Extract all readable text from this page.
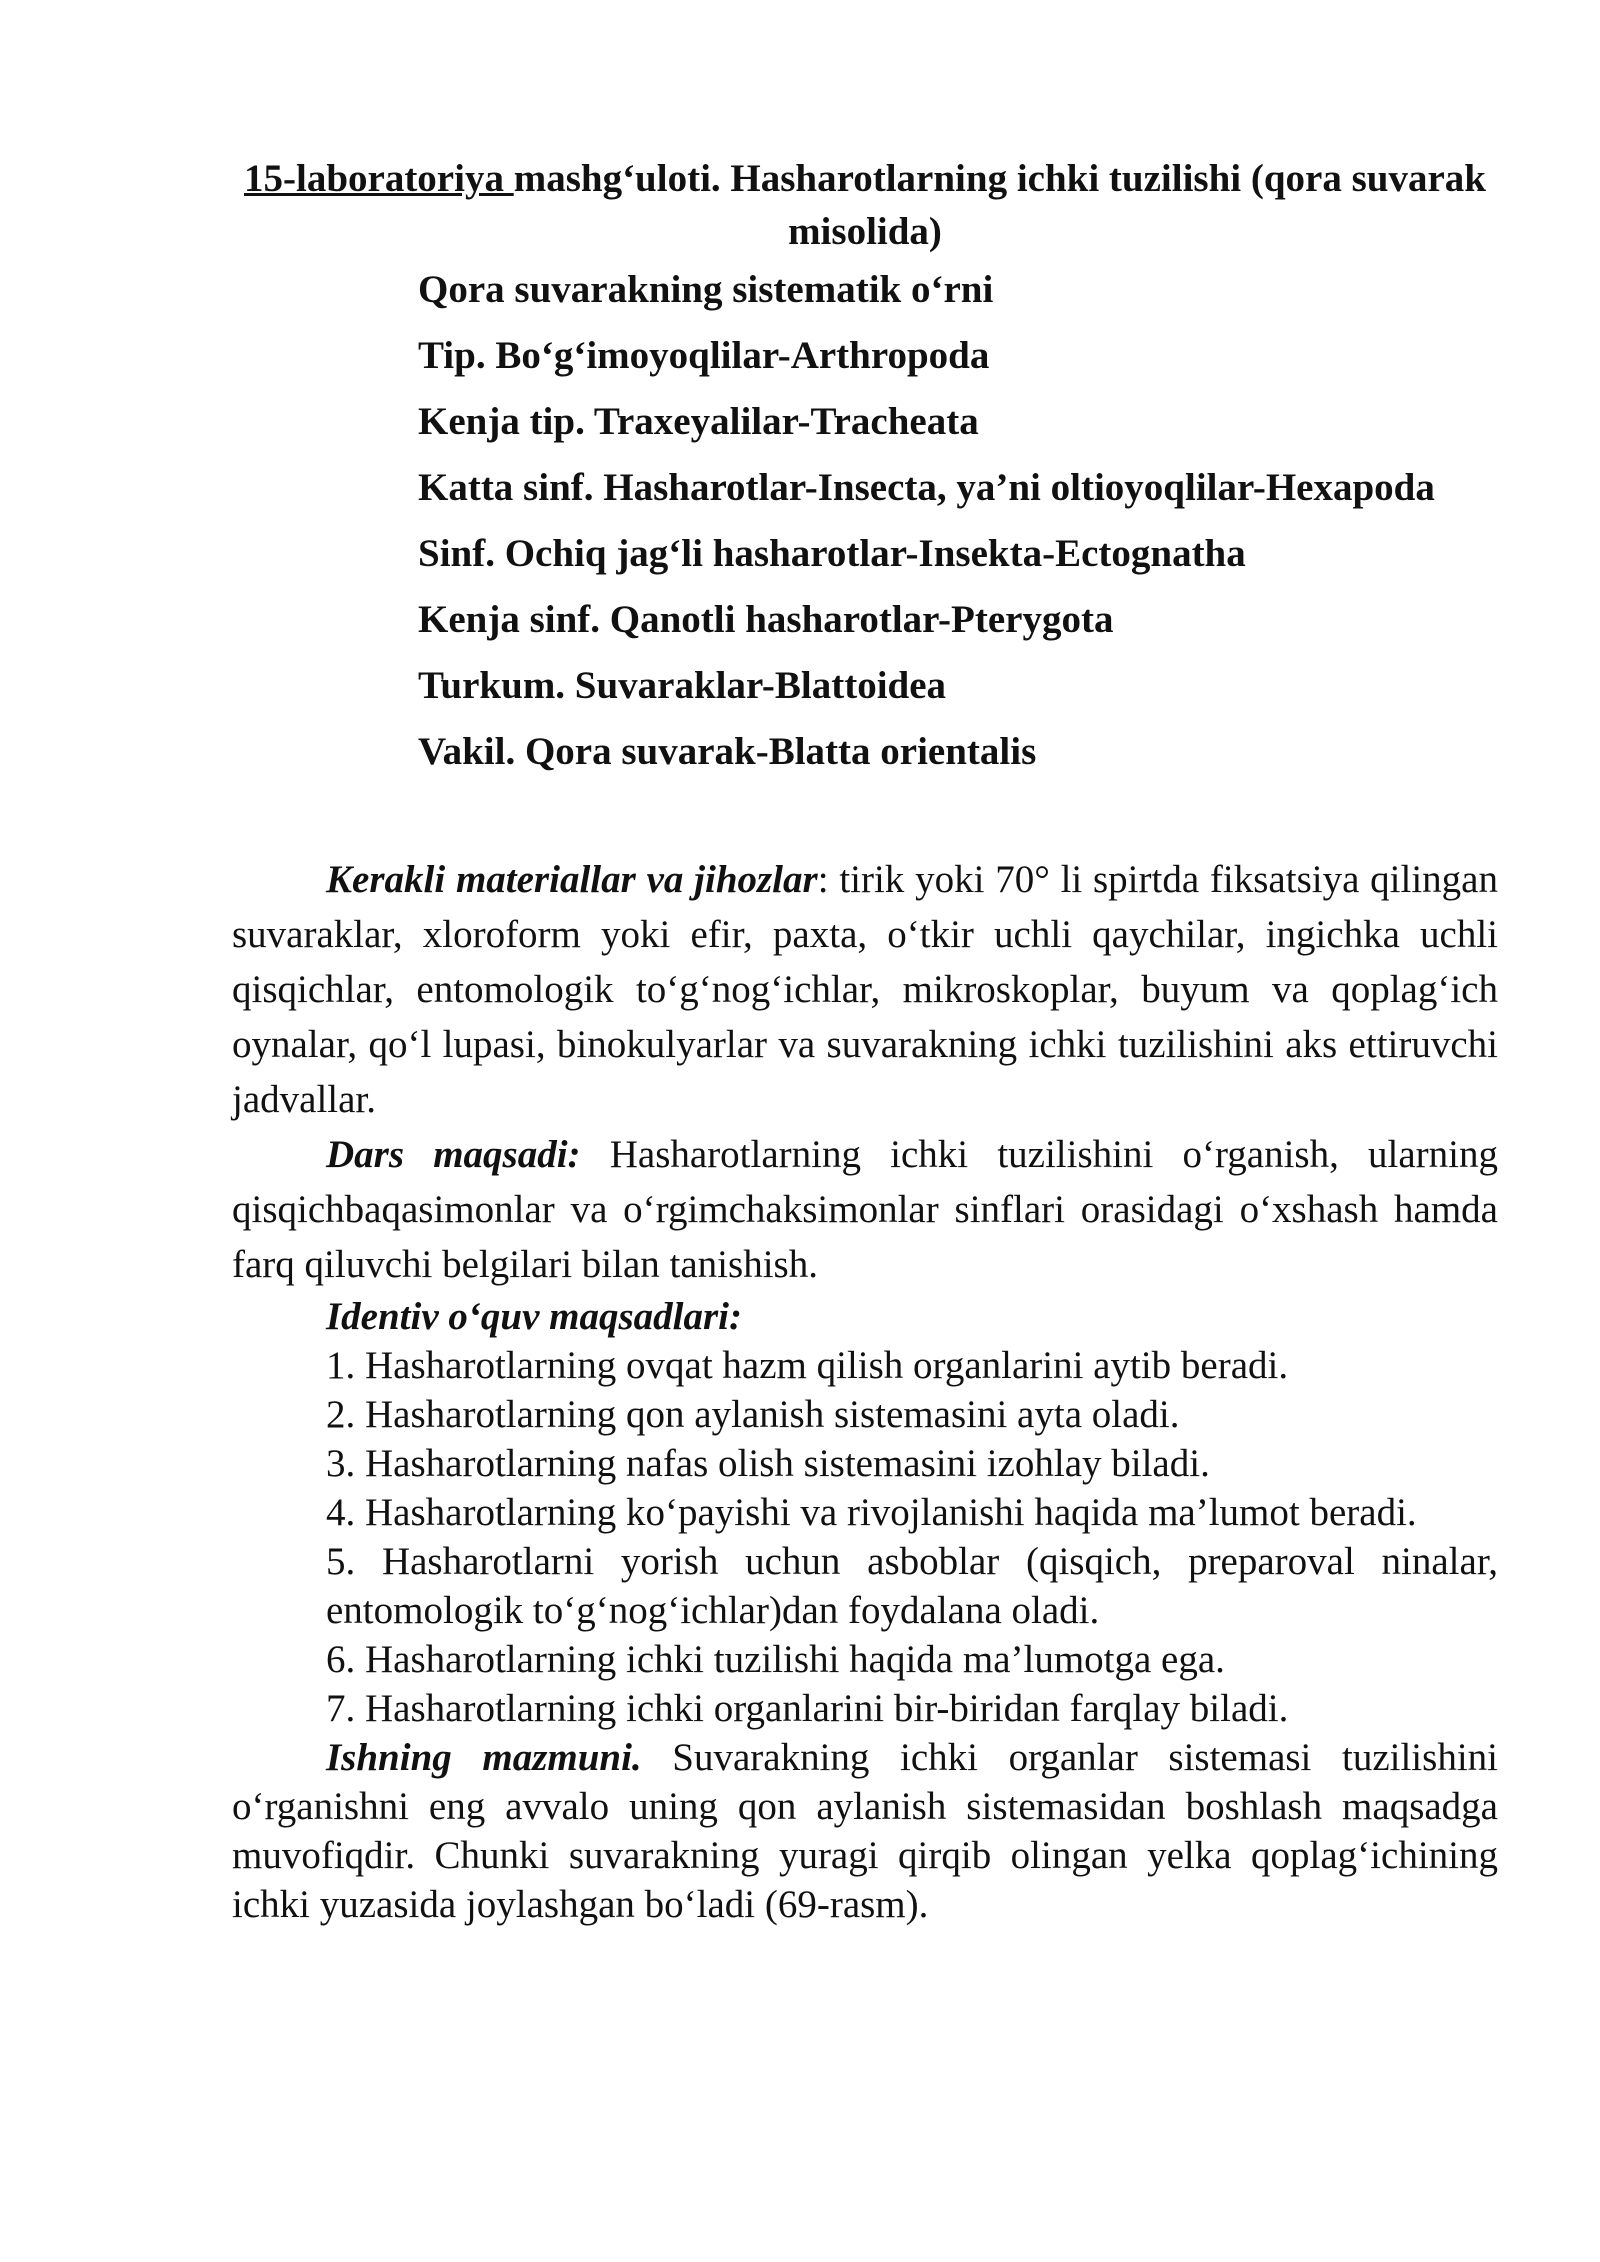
15-laboratoriya mashg‘uloti. Hasharotlarning ichki tuzilishi (qora suvarak misolida)
Qora suvarakning sistematik o‘rni
Tip. Bo‘g‘imoyoqlilar-Arthropoda
Kenja tip. Traxeyalilar-Tracheata
Katta sinf. Hasharotlar-Insecta, ya’ni oltioyoqlilar-Hexapoda
Sinf. Ochiq jag‘li hasharotlar-Insekta-Ectognatha
Kenja sinf. Qanotli hasharotlar-Pterygota
Turkum. Suvaraklar-Blattoidea
Vakil. Qora suvarak-Blatta orientalis

Kerakli materiallar va jihozlar: tirik yoki 70° li spirtda fiksatsiya qilingan suvaraklar, xloroform yoki efir, paxta, o‘tkir uchli qaychilar, ingichka uchli qisqichlar, entomologik to‘g‘nog‘ichlar, mikroskoplar, buyum va qoplag‘ich oynalar, qo‘l lupasi, binokulyarlar va suvarakning ichki tuzilishini aks ettiruvchi jadvallar.

Dars maqsadi: Hasharotlarning ichki tuzilishini o‘rganish, ularning qisqichbaqasimonlar va o‘rgimchaksimonlar sinflari orasidagi o‘xshash hamda farq qiluvchi belgilari bilan tanishish.

Identiv o‘quv maqsadlari:

1. Hasharotlarning ovqat hazm qilish organlarini aytib beradi.
2. Hasharotlarning qon aylanish sistemasini ayta oladi.
3. Hasharotlarning nafas olish sistemasini izohlay biladi.
4. Hasharotlarning ko‘payishi va rivojlanishi haqida ma’lumot beradi.
5. Hasharotlarni yorish uchun asboblar (qisqich, preparoval ninalar, entomologik to‘g‘nog‘ichlar)dan foydalana oladi.
6. Hasharotlarning ichki tuzilishi haqida ma’lumotga ega.
7. Hasharotlarning ichki organlarini bir-biridan farqlay biladi.

Ishning mazmuni. Suvarakning ichki organlar sistemasi tuzilishini o‘rganishni eng avvalo uning qon aylanish sistemasidan boshlash maqsadga muvofiqdir. Chunki suvarakning yuragi qirqib olingan yelka qoplag‘ichining ichki yuzasida joylashgan bo‘ladi (69-rasm).
